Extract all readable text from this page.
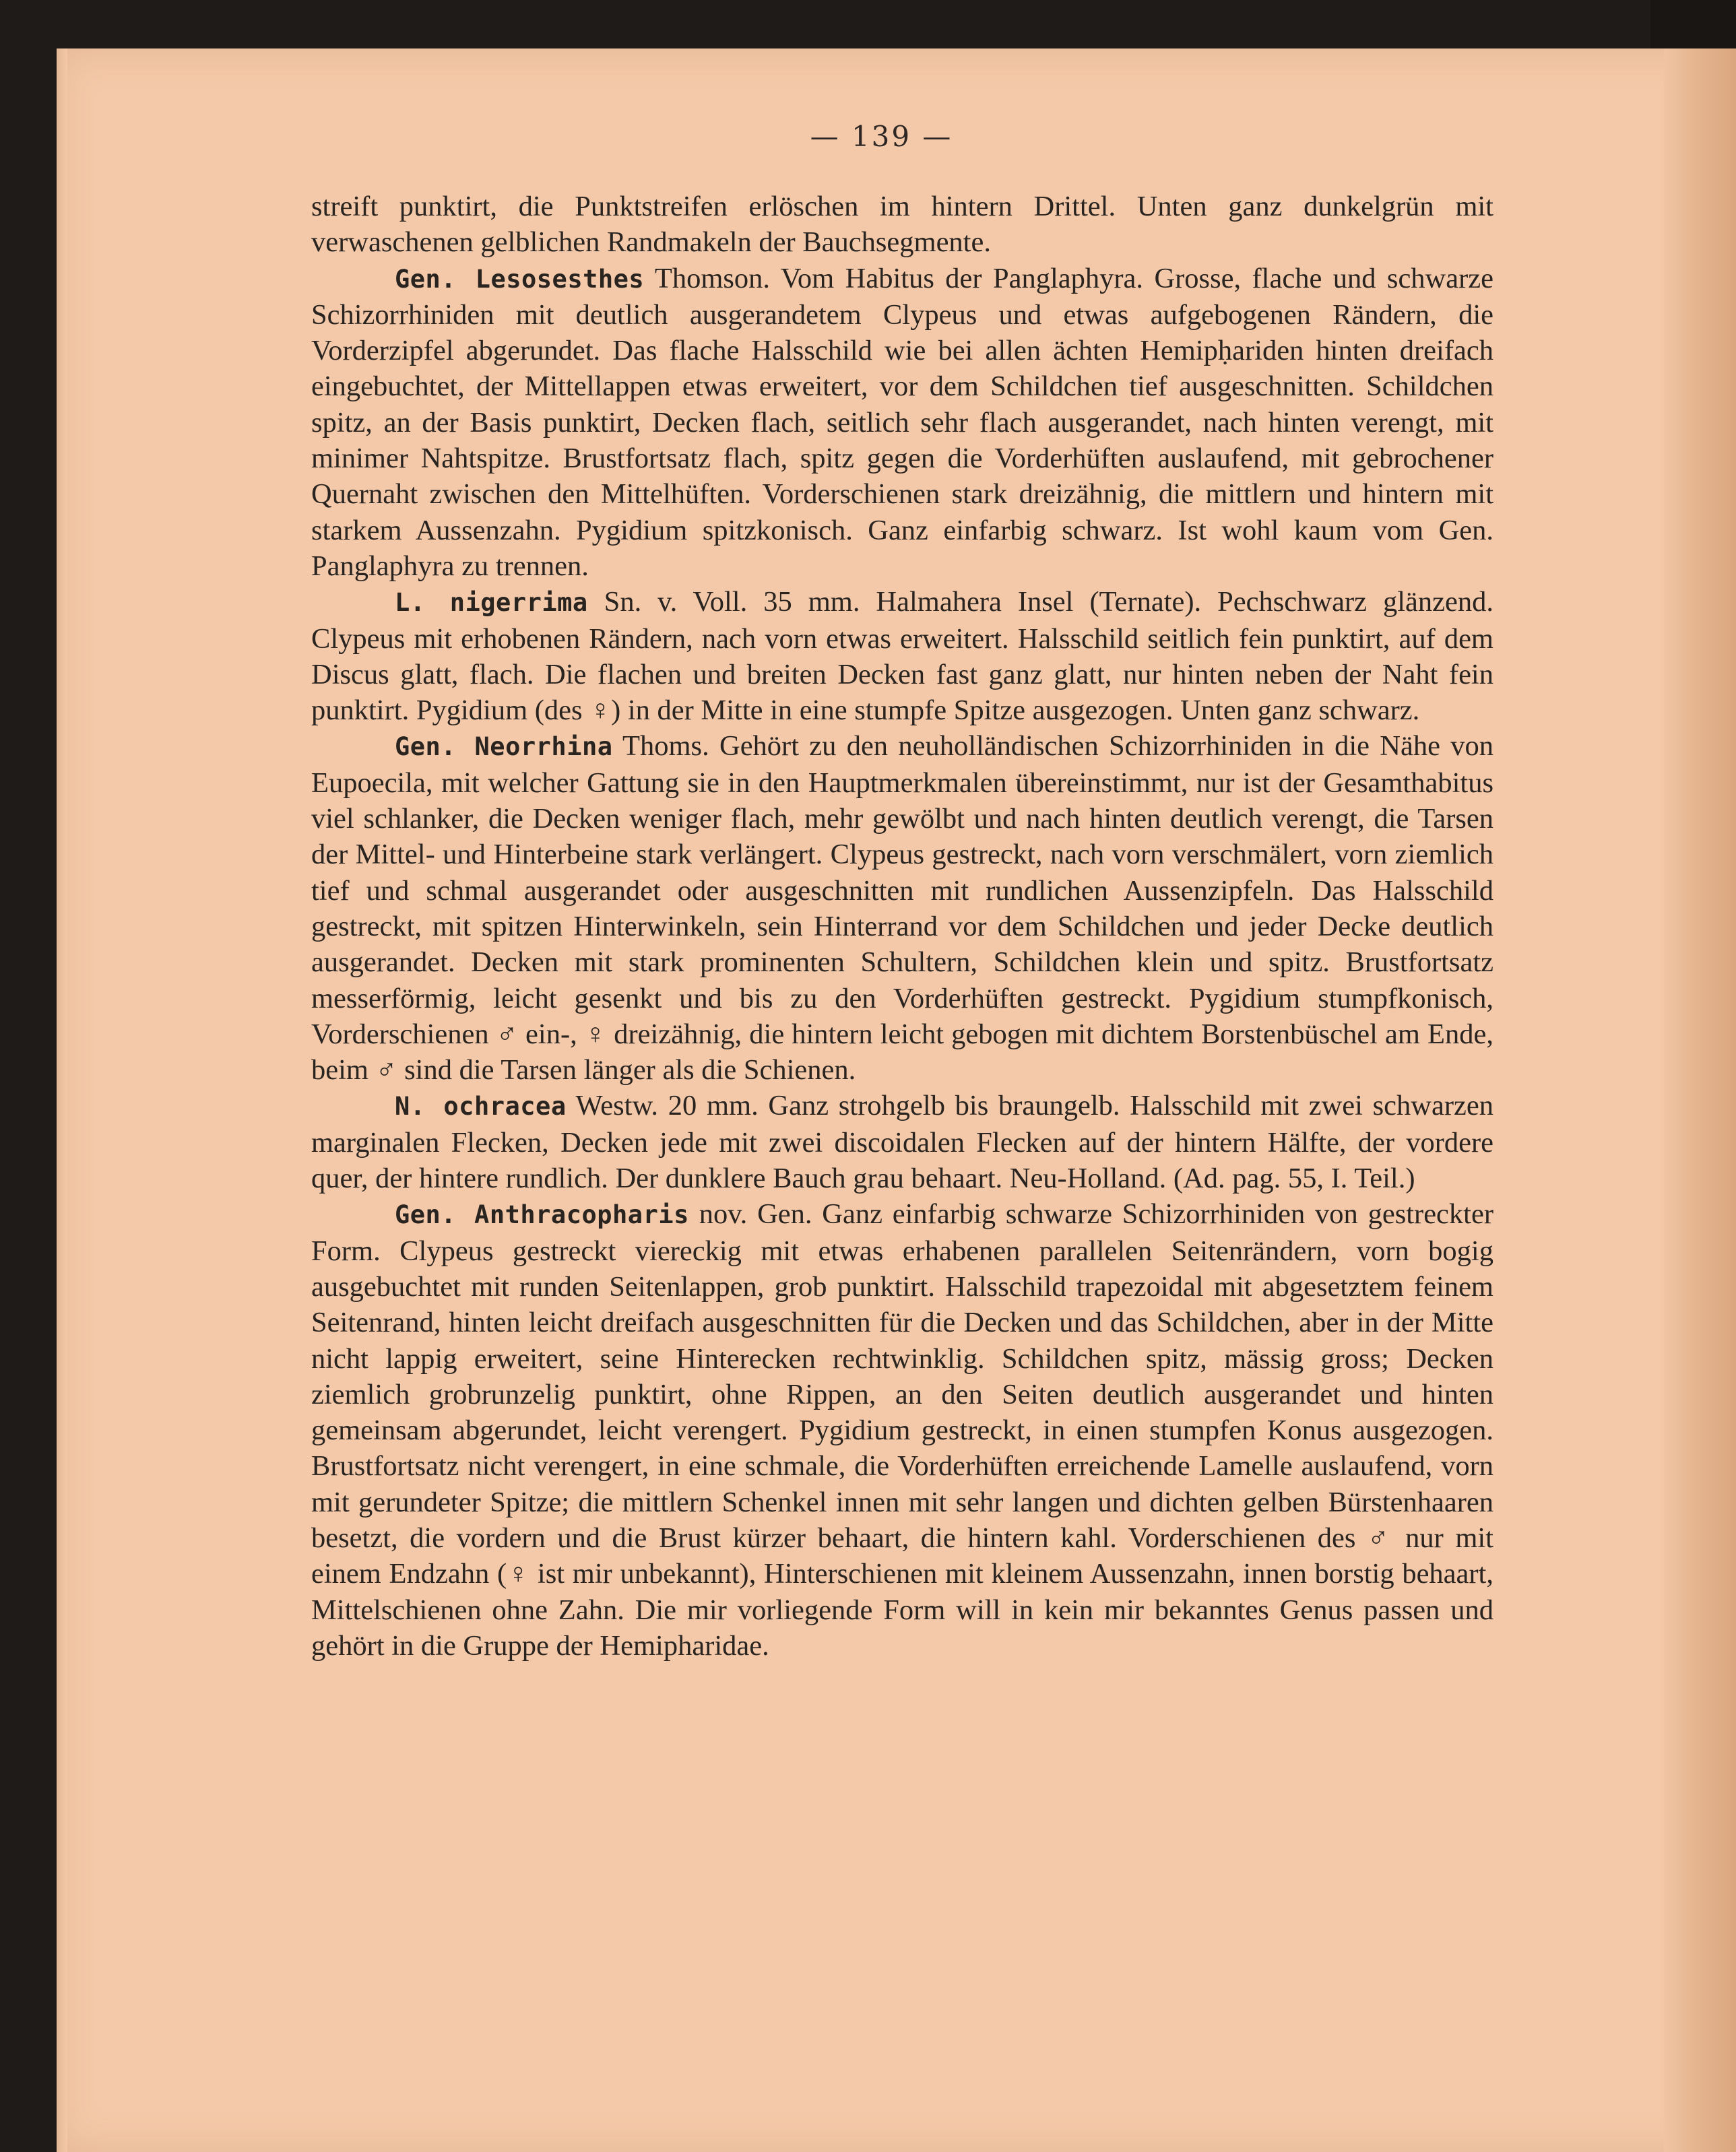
— 139 —

streift punktirt, die Punktstreifen erlöschen im hintern Drittel. Unten ganz dunkelgrün mit verwaschenen gelblichen Randmakeln der Bauchsegmente.

Gen. Lesosesthes Thomson. Vom Habitus der Panglaphyra. Grosse, flache und schwarze Schizorrhiniden mit deutlich ausgerandetem Clypeus und etwas aufgebogenen Rändern, die Vorderzipfel abgerundet. Das flache Halsschild wie bei allen ächten Hemipḥariden hinten dreifach eingebuchtet, der Mittellappen etwas erweitert, vor dem Schildchen tief ausgeschnitten. Schildchen spitz, an der Basis punktirt, Decken flach, seitlich sehr flach ausgerandet, nach hinten verengt, mit minimer Nahtspitze. Brustfortsatz flach, spitz gegen die Vorderhüften auslaufend, mit gebrochener Quernaht zwischen den Mittelhüften. Vorderschienen stark dreizähnig, die mittlern und hintern mit starkem Aussenzahn. Pygidium spitzkonisch. Ganz einfarbig schwarz. Ist wohl kaum vom Gen. Panglaphyra zu trennen.

L. nigerrima Sn. v. Voll. 35 mm. Halmahera Insel (Ternate). Pechschwarz glänzend. Clypeus mit erhobenen Rändern, nach vorn etwas erweitert. Halsschild seitlich fein punktirt, auf dem Discus glatt, flach. Die flachen und breiten Decken fast ganz glatt, nur hinten neben der Naht fein punktirt. Pygidium (des ♀) in der Mitte in eine stumpfe Spitze ausgezogen. Unten ganz schwarz.

Gen. Neorrhina Thoms. Gehört zu den neuholländischen Schizorrhiniden in die Nähe von Eupoecila, mit welcher Gattung sie in den Hauptmerkmalen übereinstimmt, nur ist der Gesamthabitus viel schlanker, die Decken weniger flach, mehr gewölbt und nach hinten deutlich verengt, die Tarsen der Mittel- und Hinterbeine stark verlängert. Clypeus gestreckt, nach vorn verschmälert, vorn ziemlich tief und schmal ausgerandet oder ausgeschnitten mit rundlichen Aussenzipfeln. Das Halsschild gestreckt, mit spitzen Hinterwinkeln, sein Hinterrand vor dem Schildchen und jeder Decke deutlich ausgerandet. Decken mit stark prominenten Schultern, Schildchen klein und spitz. Brustfortsatz messerförmig, leicht gesenkt und bis zu den Vorderhüften gestreckt. Pygidium stumpfkonisch, Vorderschienen ♂ ein-, ♀ dreizähnig, die hintern leicht gebogen mit dichtem Borstenbüschel am Ende, beim ♂ sind die Tarsen länger als die Schienen.

N. ochracea Westw. 20 mm. Ganz strohgelb bis braungelb. Halsschild mit zwei schwarzen marginalen Flecken, Decken jede mit zwei discoidalen Flecken auf der hintern Hälfte, der vordere quer, der hintere rundlich. Der dunklere Bauch grau behaart. Neu-Holland. (Ad. pag. 55, I. Teil.)

Gen. Anthracopharis nov. Gen. Ganz einfarbig schwarze Schizorrhiniden von gestreckter Form. Clypeus gestreckt viereckig mit etwas erhabenen parallelen Seitenrändern, vorn bogig ausgebuchtet mit runden Seitenlappen, grob punktirt. Halsschild trapezoidal mit abgesetztem feinem Seitenrand, hinten leicht dreifach ausgeschnitten für die Decken und das Schildchen, aber in der Mitte nicht lappig erweitert, seine Hinterecken rechtwinklig. Schildchen spitz, mässig gross; Decken ziemlich grobrunzelig punktirt, ohne Rippen, an den Seiten deutlich ausgerandet und hinten gemeinsam abgerundet, leicht verengert. Pygidium gestreckt, in einen stumpfen Konus ausgezogen. Brustfortsatz nicht verengert, in eine schmale, die Vorderhüften erreichende Lamelle auslaufend, vorn mit gerundeter Spitze; die mittlern Schenkel innen mit sehr langen und dichten gelben Bürstenhaaren besetzt, die vordern und die Brust kürzer behaart, die hintern kahl. Vorderschienen des ♂ nur mit einem Endzahn (♀ ist mir unbekannt), Hinterschienen mit kleinem Aussenzahn, innen borstig behaart, Mittelschienen ohne Zahn. Die mir vorliegende Form will in kein mir bekanntes Genus passen und gehört in die Gruppe der Hemipharidae.
